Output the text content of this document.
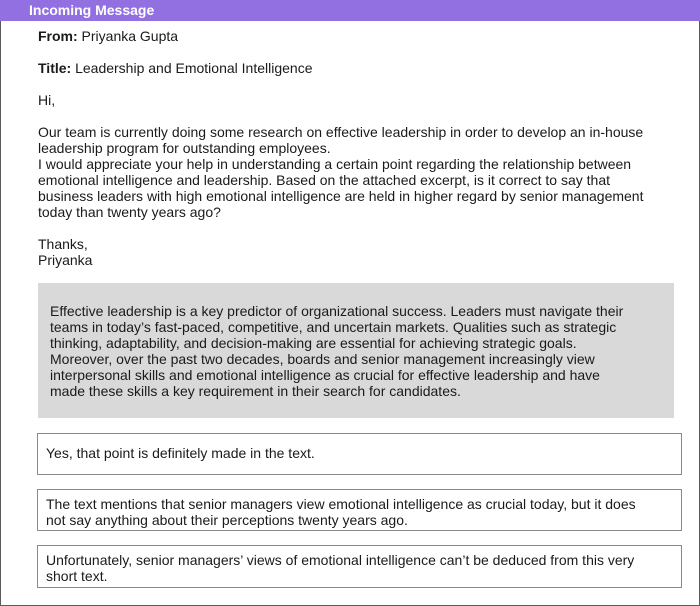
Incoming Message

From: Priyanka Gupta

Title: Leadership and Emotional Intelligence

Hi,

Our team is currently doing some research on effective leadership in order to develop an in-house

leadership program for outstanding employees.

I would appreciate your help in understanding a certain point regarding the relationship between

emotional intelligence and leadership. Based on the attached excerpt, is it correct to say that

business leaders with high emotional intelligence are held in higher regard by senior management

today than twenty years ago?

Thanks,

Priyanka

Effective leadership is a key predictor of organizational success. Leaders must navigate their
teams in today’s fast-paced, competitive, and uncertain markets. Qualities such as strategic
thinking, adaptability, and decision-making are essential for achieving strategic goals.
Moreover, over the past two decades, boards and senior management increasingly view
interpersonal skills and emotional intelligence as crucial for effective leadership and have
made these skills a key requirement in their search for candidates.
Yes, that point is definitely made in the text.
The text mentions that senior managers view emotional intelligence as crucial today, but it does
not say anything about their perceptions twenty years ago.
Unfortunately, senior managers’ views of emotional intelligence can’t be deduced from this very
short text.
